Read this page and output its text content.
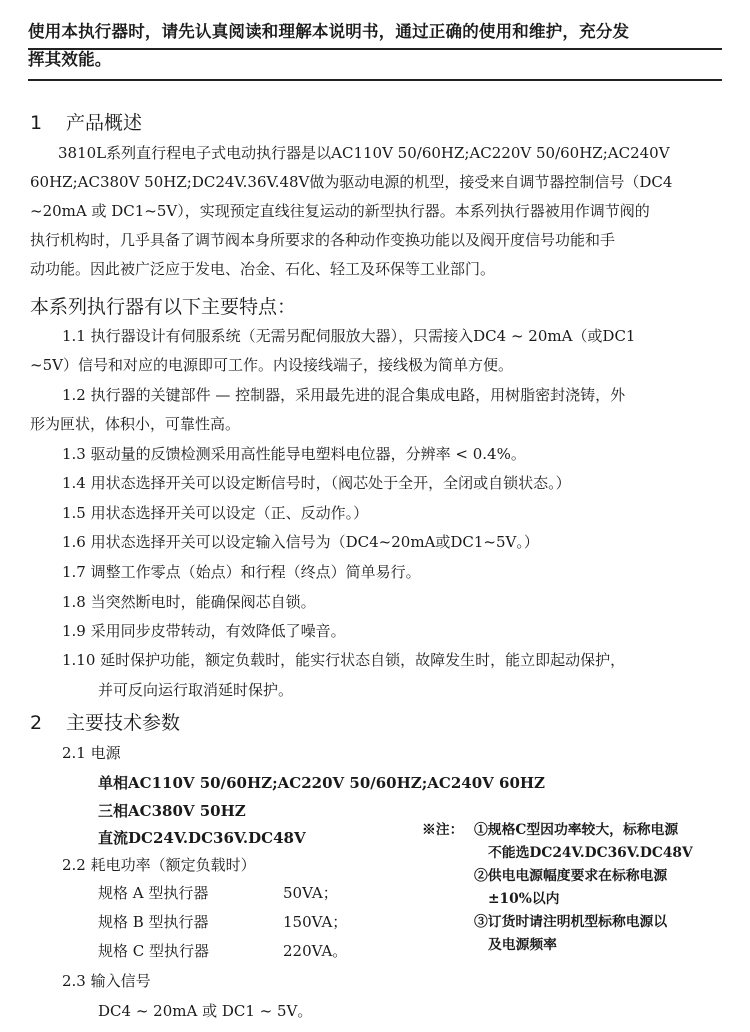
使用本执行器时，请先认真阅读和理解本说明书，通过正确的使用和维护，充分发

挥其效能。

1 产品概述
3810L系列直行程电子式电动执行器是以AC110V 50/60HZ;AC220V 50/60HZ;AC240V
60HZ;AC380V 50HZ;DC24V.36V.48V做为驱动电源的机型，接受来自调节器控制信号（DC4
~20mA 或 DC1~5V），实现预定直线往复运动的新型执行器。本系列执行器被用作调节阀的
执行机构时，几乎具备了调节阀本身所要求的各种动作变换功能以及阀开度信号功能和手
动功能。因此被广泛应于发电、冶金、石化、轻工及环保等工业部门。
本系列执行器有以下主要特点：
1.1 执行器设计有伺服系统（无需另配伺服放大器），只需接入DC4 ~ 20mA（或DC1
~5V）信号和对应的电源即可工作。内设接线端子，接线极为简单方便。
1.2 执行器的关键部件 — 控制器，采用最先进的混合集成电路，用树脂密封浇铸，外
形为匣状，体积小，可靠性高。
1.3 驱动量的反馈检测采用高性能导电塑料电位器，分辨率 < 0.4%。
1.4 用状态选择开关可以设定断信号时，（阀芯处于全开，全闭或自锁状态。）
1.5 用状态选择开关可以设定（正、反动作。）
1.6 用状态选择开关可以设定输入信号为（DC4~20mA或DC1~5V。）
1.7 调整工作零点（始点）和行程（终点）简单易行。
1.8 当突然断电时，能确保阀芯自锁。
1.9 采用同步皮带转动，有效降低了噪音。
1.10 延时保护功能，额定负载时，能实行状态自锁，故障发生时，能立即起动保护，
并可反向运行取消延时保护。
2 主要技术参数
2.1 电源
单相AC110V 50/60HZ;AC220V 50/60HZ;AC240V 60HZ
三相AC380V 50HZ
直流DC24V.DC36V.DC48V
2.2 耗电功率（额定负载时）
规格 A 型执行器	50VA；
规格 B 型执行器	150VA；
规格 C 型执行器	220VA。
2.3 输入信号
DC4 ~ 20mA 或 DC1 ~ 5V。
※注： ①规格C型因功率较大，标称电源
不能选DC24V.DC36V.DC48V
②供电电源幅度要求在标称电源
±10%以内
③订货时请注明机型标称电源以
及电源频率
